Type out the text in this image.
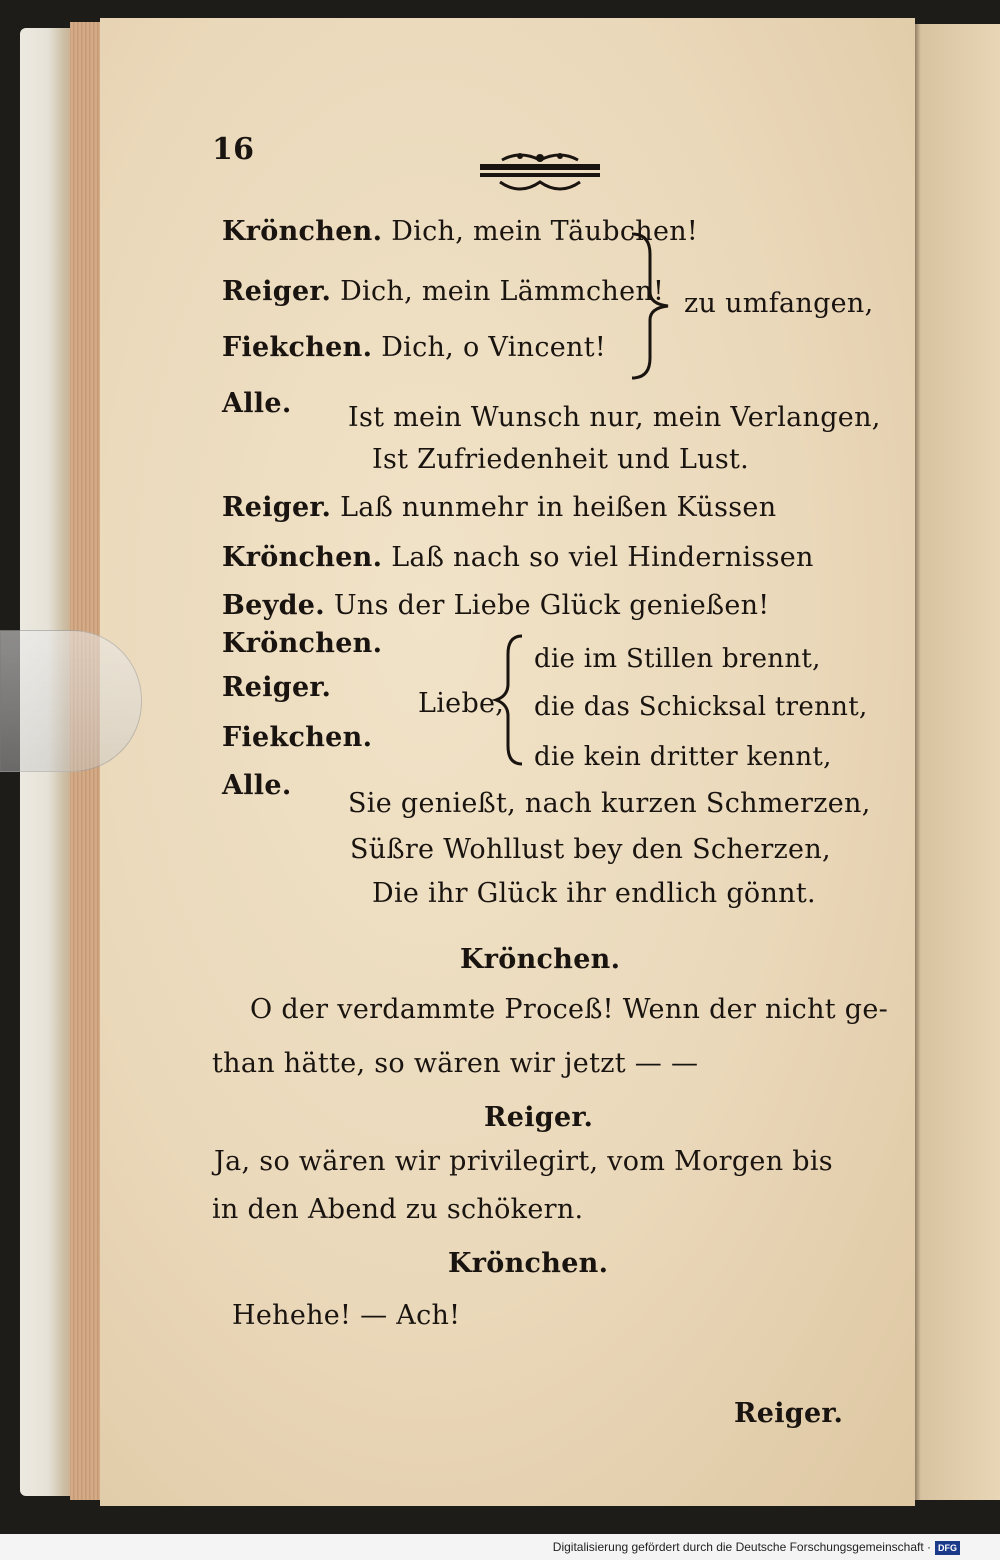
16
Krönchen. Dich, mein Täubchen!
Reiger. Dich, mein Lämmchen!
Fiekchen. Dich, o Vincent!
zu umfangen,
Alle. Ist mein Wunsch nur, mein Verlangen,
Ist Zufriedenheit und Lust.
Reiger. Laß nunmehr in heißen Küssen
Krönchen. Laß nach so viel Hindernissen
Beyde. Uns der Liebe Glück genießen!
Krönchen.
Reiger.
Fiekchen.
Liebe,
die im Stillen brennt,
die das Schicksal trennt,
die kein dritter kennt,
Alle.
Sie genießt, nach kurzen Schmerzen,
Süßre Wohllust bey den Scherzen,
Die ihr Glück ihr endlich gönnt.
Krönchen.
O der verdammte Proceß! Wenn der nicht ge-
than hätte, so wären wir jetzt — —
Reiger.
Ja, so wären wir privilegirt, vom Morgen bis
in den Abend zu schökern.
Krönchen.
Hehehe! — Ach!
Reiger.
Digitalisierung gefördert durch die Deutsche Forschungsgemeinschaft · DFG
